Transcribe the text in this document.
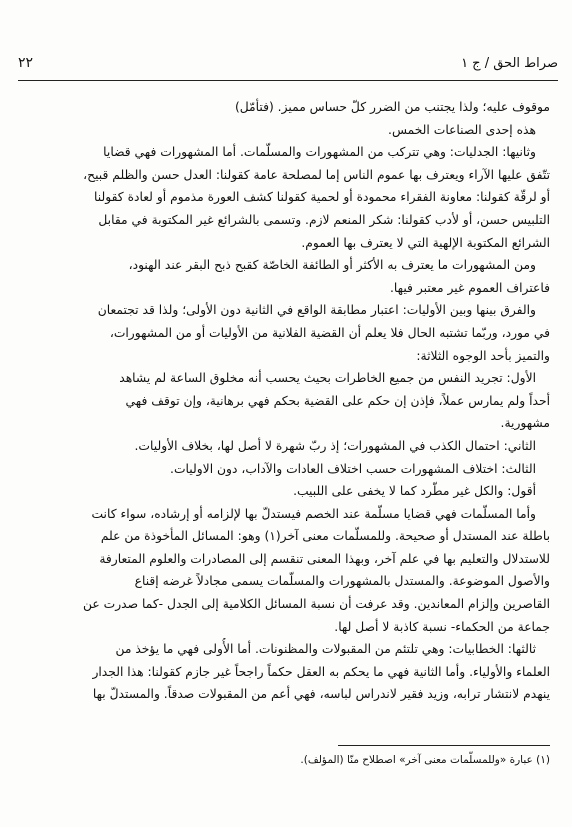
صراط الحق / ج ١
٢٢
موقوف عليه؛ ولذا يجتنب من الضرر كلّ حساس مميز. (فتأمّل)
هذه إحدى الصناعات الخمس.
وثانيها: الجدليات: وهي تتركب من المشهورات والمسلّمات. أما المشهورات فهي قضايا
تتّفق عليها الآراء ويعترف بها عموم الناس إما لمصلحة عامة كقولنا: العدل حسن والظلم قبيح،
أو لرقّة كقولنا: معاونة الفقراء محمودة أو لحمية كقولنا كشف العورة مذموم أو لعادة كقولنا
التلبيس حسن، أو لأدب كقولنا: شكر المنعم لازم. وتسمى بالشرائع غير المكتوبة في مقابل
الشرائع المكتوبة الإلهية التي لا يعترف بها العموم.
ومن المشهورات ما يعترف به الأكثر أو الطائفة الخاصّة كقبح ذبح البقر عند الهنود،
فاعتراف العموم غير معتبر فيها.
والفرق بينها وبين الأوليات: اعتبار مطابقة الواقع في الثانية دون الأولى؛ ولذا قد تجتمعان
في مورد، وربّما تشتبه الحال فلا يعلم أن القضية الفلانية من الأوليات أو من المشهورات،
والتميز بأحد الوجوه الثلاثة:
الأول: تجريد النفس من جميع الخاطرات بحيث يحسب أنه مخلوق الساعة لم يشاهد
أحداً ولم يمارس عملاً، فإذن إن حكم على القضية بحكم فهي برهانية، وإن توقف فهي
مشهورية.
الثاني: احتمال الكذب في المشهورات؛ إذ ربّ شهرة لا أصل لها، بخلاف الأوليات.
الثالث: اختلاف المشهورات حسب اختلاف العادات والآداب، دون الاوليات.
أقول: والكل غير مطّرد كما لا يخفى على اللبيب.
وأما المسلّمات فهي قضايا مسلّمة عند الخصم فيستدلّ بها لإلزامه أو إرشاده، سواء كانت
باطلة عند المستدل أو صحيحة. وللمسلّمات معنى آخر(١) وهو: المسائل المأخوذة من علم
للاستدلال والتعليم بها في علم آخر، وبهذا المعنى تنقسم إلى المصادرات والعلوم المتعارفة
والأصول الموضوعة. والمستدل بالمشهورات والمسلّمات يسمى مجادلاً غرضه إقناع
القاصرين وإلزام المعاندين. وقد عرفت أن نسبة المسائل الكلامية إلى الجدل -كما صدرت عن
جماعة من الحكماء- نسبة كاذبة لا أصل لها.
ثالثها: الخطابيات: وهي تلتئم من المقبولات والمظنونات. أما الأُولى فهي ما يؤخذ من
العلماء والأولياء. وأما الثانية فهي ما يحكم به العقل حكماً راجحاً غير جازم كقولنا: هذا الجدار
ينهدم لانتشار ترابه، وزيد فقير لاندراس لباسه، فهي أعم من المقبولات صدقاً. والمستدلّ بها
(١) عبارة «وللمسلّمات معنى آخر» اصطلاح منّا (المؤلف).
